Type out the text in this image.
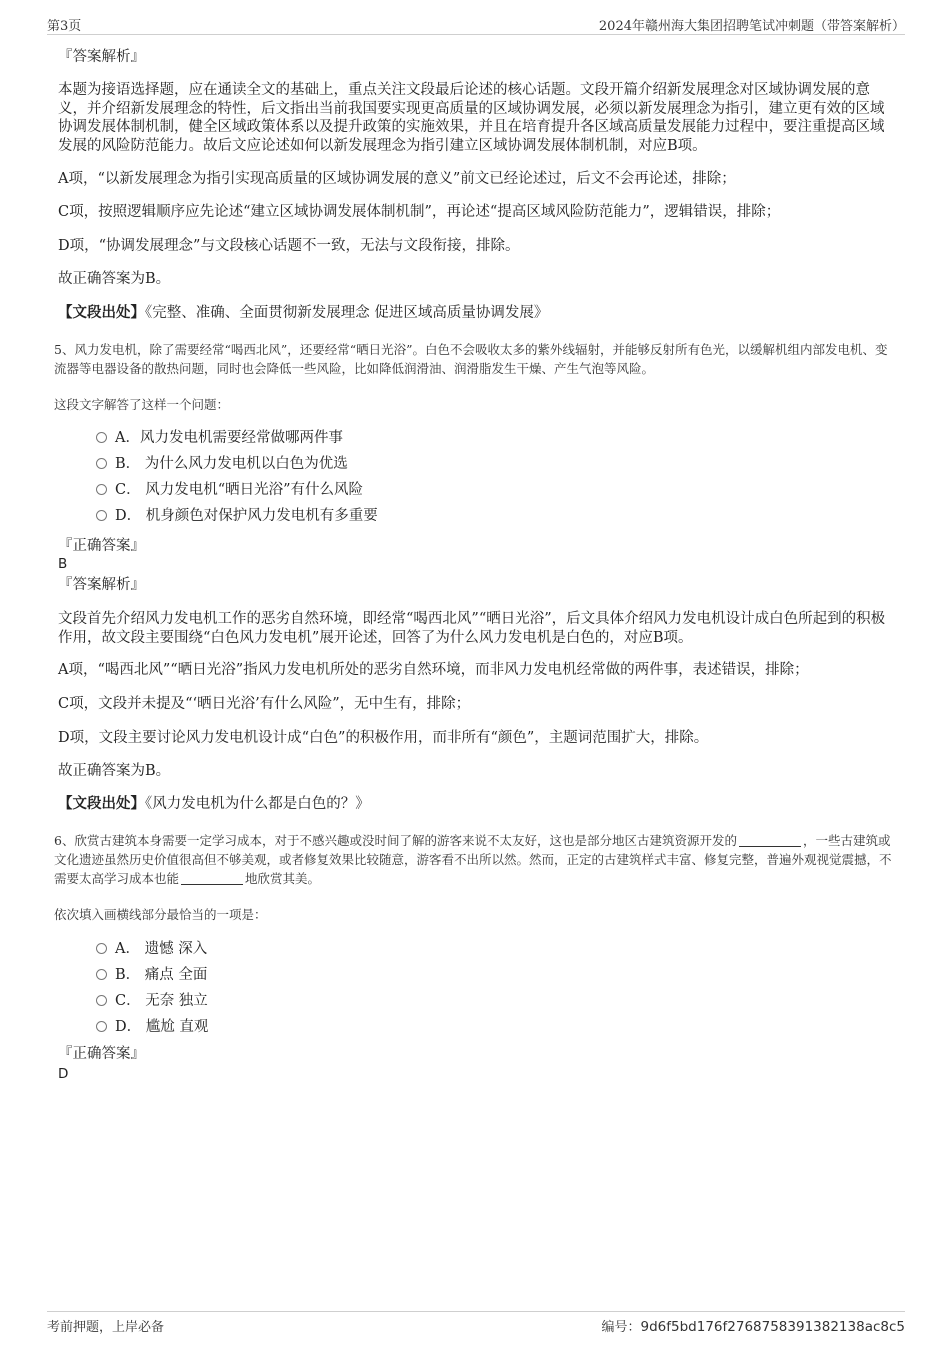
第3页	2024年赣州海大集团招聘笔试冲刺题（带答案解析）
『答案解析』
本题为接语选择题，应在通读全文的基础上，重点关注文段最后论述的核心话题。文段开篇介绍新发展理念对区域协调发展的意义，并介绍新发展理念的特性，后文指出当前我国要实现更高质量的区域协调发展，必须以新发展理念为指引，建立更有效的区域协调发展体制机制，健全区域政策体系以及提升政策的实施效果，并且在培育提升各区域高质量发展能力过程中，要注重提高区域发展的风险防范能力。故后文应论述如何以新发展理念为指引建立区域协调发展体制机制，对应B项。
A项，“以新发展理念为指引实现高质量的区域协调发展的意义”前文已经论述过，后文不会再论述，排除；
C项，按照逻辑顺序应先论述“建立区域协调发展体制机制”，再论述“提高区域风险防范能力”，逻辑错误，排除；
D项，“协调发展理念”与文段核心话题不一致，无法与文段衔接，排除。
故正确答案为B。
【文段出处】《完整、准确、全面贯彻新发展理念 促进区域高质量协调发展》
5、风力发电机，除了需要经常“喝西北风”，还要经常“晒日光浴”。白色不会吸收太多的紫外线辐射，并能够反射所有色光，以缓解机组内部发电机、变流器等电器设备的散热问题，同时也会降低一些风险，比如降低润滑油、润滑脂发生干燥、产生气泡等风险。
这段文字解答了这样一个问题：
A．风力发电机需要经常做哪两件事
B． 为什么风力发电机以白色为优选
C． 风力发电机“晒日光浴”有什么风险
D． 机身颜色对保护风力发电机有多重要
『正确答案』
B
『答案解析』
文段首先介绍风力发电机工作的恶劣自然环境，即经常“喝西北风”“晒日光浴”，后文具体介绍风力发电机设计成白色所起到的积极作用，故文段主要围绕“白色风力发电机”展开论述，回答了为什么风力发电机是白色的，对应B项。
A项，“喝西北风”“晒日光浴”指风力发电机所处的恶劣自然环境，而非风力发电机经常做的两件事，表述错误，排除；
C项，文段并未提及“‘晒日光浴’有什么风险”，无中生有，排除；
D项，文段主要讨论风力发电机设计成“白色”的积极作用，而非所有“颜色”，主题词范围扩大，排除。
故正确答案为B。
【文段出处】《风力发电机为什么都是白色的？》
6、欣赏古建筑本身需要一定学习成本，对于不感兴趣或没时间了解的游客来说不太友好，这也是部分地区古建筑资源开发的	，一些古建筑或文化遗迹虽然历史价值很高但不够美观，或者修复效果比较随意，游客看不出所以然。然而，正定的古建筑样式丰富、修复完整，普遍外观视觉震撼，不需要太高学习成本也能	地欣赏其美。
依次填入画横线部分最恰当的一项是：
A． 遗憾 深入
B． 痛点 全面
C． 无奈 独立
D． 尴尬 直观
『正确答案』
D
考前押题，上岸必备	编号：9d6f5bd176f2768758391382138ac8c5
